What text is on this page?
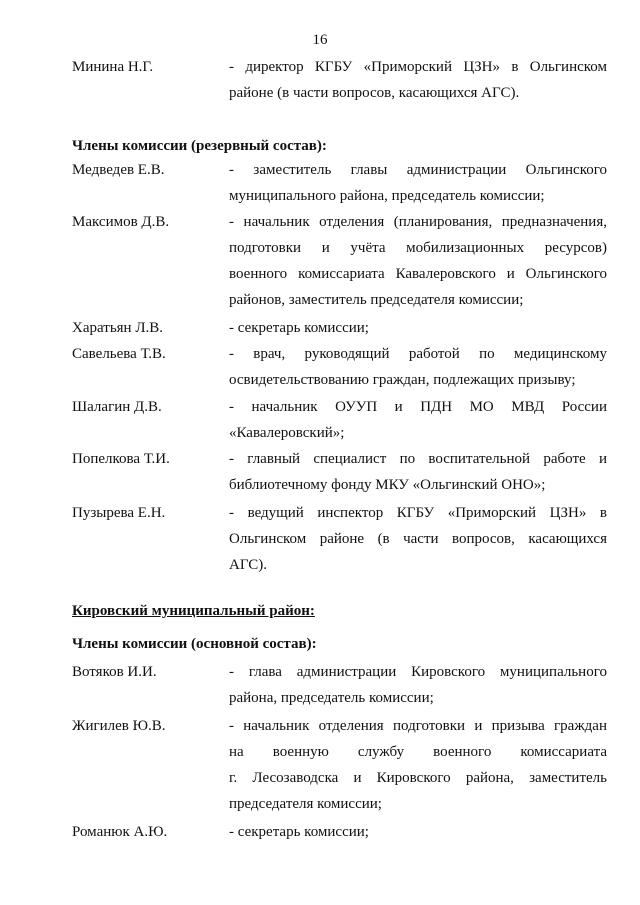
16
Минина Н.Г.	- директор КГБУ «Приморский ЦЗН» в Ольгинском
районе (в части вопросов, касающихся АГС).
Члены комиссии (резервный состав):
Медведев Е.В.	- заместитель главы администрации Ольгинского
муниципального района, председатель комиссии;
Максимов Д.В.	- начальник отделения (планирования, предназначения,
подготовки и учёта мобилизационных ресурсов)
военного комиссариата Кавалеровского и Ольгинского
районов, заместитель председателя комиссии;
Харатьян Л.В.	- секретарь комиссии;
Савельева Т.В.	- врач, руководящий работой по медицинскому
освидетельствованию граждан, подлежащих призыву;
Шалагин Д.В.	- начальник ОУУП и ПДН МО МВД России
«Кавалеровский»;
Попелкова Т.И.	- главный специалист по воспитательной работе и
библиотечному фонду МКУ «Ольгинский ОНО»;
Пузырева Е.Н.	- ведущий инспектор КГБУ «Приморский ЦЗН» в
Ольгинском районе (в части вопросов, касающихся
АГС).
Кировский муниципальный район:
Члены комиссии (основной состав):
Вотяков И.И.	- глава администрации Кировского муниципального
района, председатель комиссии;
Жигилев Ю.В.	- начальник отделения подготовки и призыва граждан
на военную службу военного комиссариата
г. Лесозаводска и Кировского района, заместитель
председателя комиссии;
Романюк А.Ю.	- секретарь комиссии;
